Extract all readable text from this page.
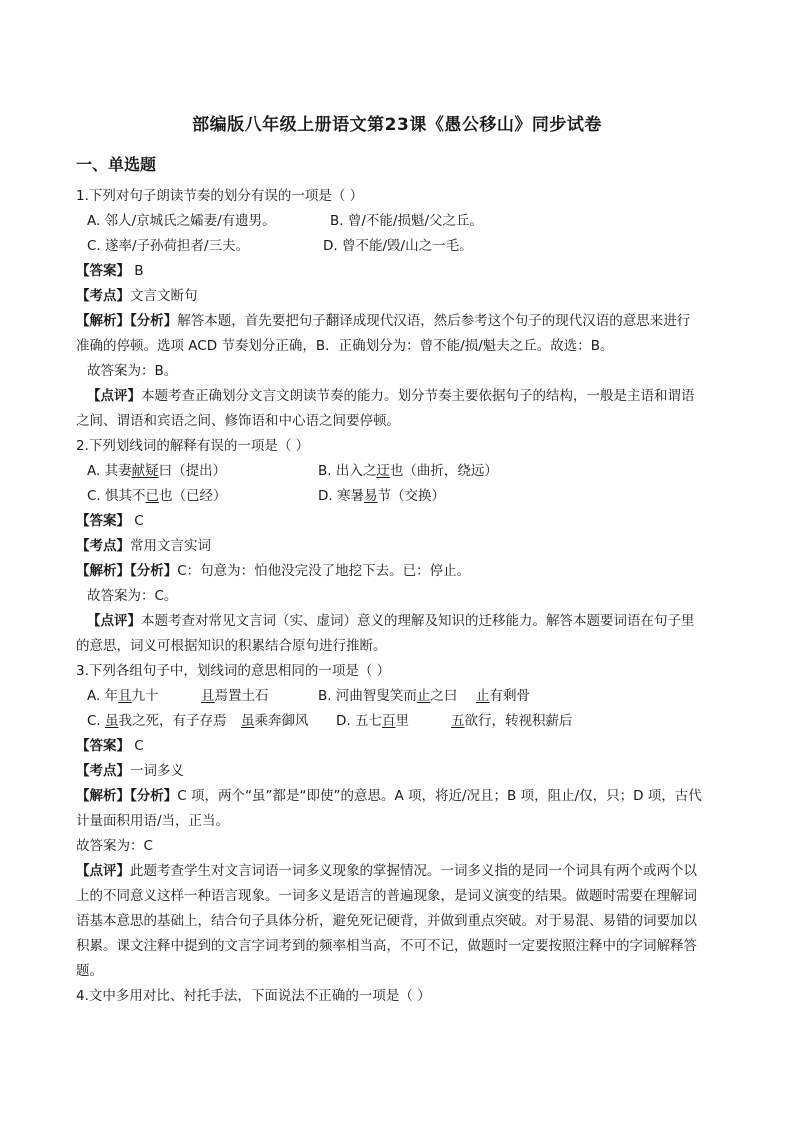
部编版八年级上册语文第23课《愚公移山》同步试卷
一、单选题
1.下列对句子朗读节奏的划分有误的一项是（ ）
A. 邻人/京城氏之孀妻/有遗男。	B. 曾/不能/损魁/父之丘。
C. 遂率/子孙荷担者/三夫。	D. 曾不能/毁/山之一毛。
【答案】 B
【考点】文言文断句
【解析】【分析】解答本题，首先要把句子翻译成现代汉语，然后参考这个句子的现代汉语的意思来进行
准确的停顿。选项 ACD 节奏划分正确，B．正确划分为：曾不能/损/魁夫之丘。故选：B。
故答案为：B。
【点评】本题考查正确划分文言文朗读节奏的能力。划分节奏主要依据句子的结构，一般是主语和谓语
之间、谓语和宾语之间、修饰语和中心语之间要停顿。
2.下列划线词的解释有误的一项是（ ）
A. 其妻献疑曰（提出）	B. 出入之迂也（曲折，绕远）
C. 惧其不已也（已经）	D. 寒暑易节（交换）
【答案】 C
【考点】常用文言实词
【解析】【分析】C：句意为：怕他没完没了地挖下去。已：停止。
故答案为：C。
【点评】本题考查对常见文言词（实、虚词）意义的理解及知识的迁移能力。解答本题要词语在句子里
的意思，词义可根据知识的积累结合原句进行推断。
3.下列各组句子中，划线词的意思相同的一项是（ ）
A. 年且九十	且焉置土石	B. 河曲智叟笑而止之曰 止有剩骨
C. 虽我之死，有子存焉 虽乘奔御风 D. 五七百里	五欲行，转视积薪后
【答案】 C
【考点】一词多义
【解析】【分析】C 项，两个“虽”都是“即使”的意思。A 项，将近/况且；B 项，阻止/仅，只；D 项，古代
计量面积用语/当，正当。
故答案为：C
【点评】此题考查学生对文言词语一词多义现象的掌握情况。一词多义指的是同一个词具有两个或两个以
上的不同意义这样一种语言现象。一词多义是语言的普遍现象，是词义演变的结果。做题时需要在理解词
语基本意思的基础上，结合句子具体分析，避免死记硬背，并做到重点突破。对于易混、易错的词要加以
积累。课文注释中提到的文言字词考到的频率相当高，不可不记，做题时一定要按照注释中的字词解释答
题。
4.文中多用对比、衬托手法，下面说法不正确的一项是（ ）
